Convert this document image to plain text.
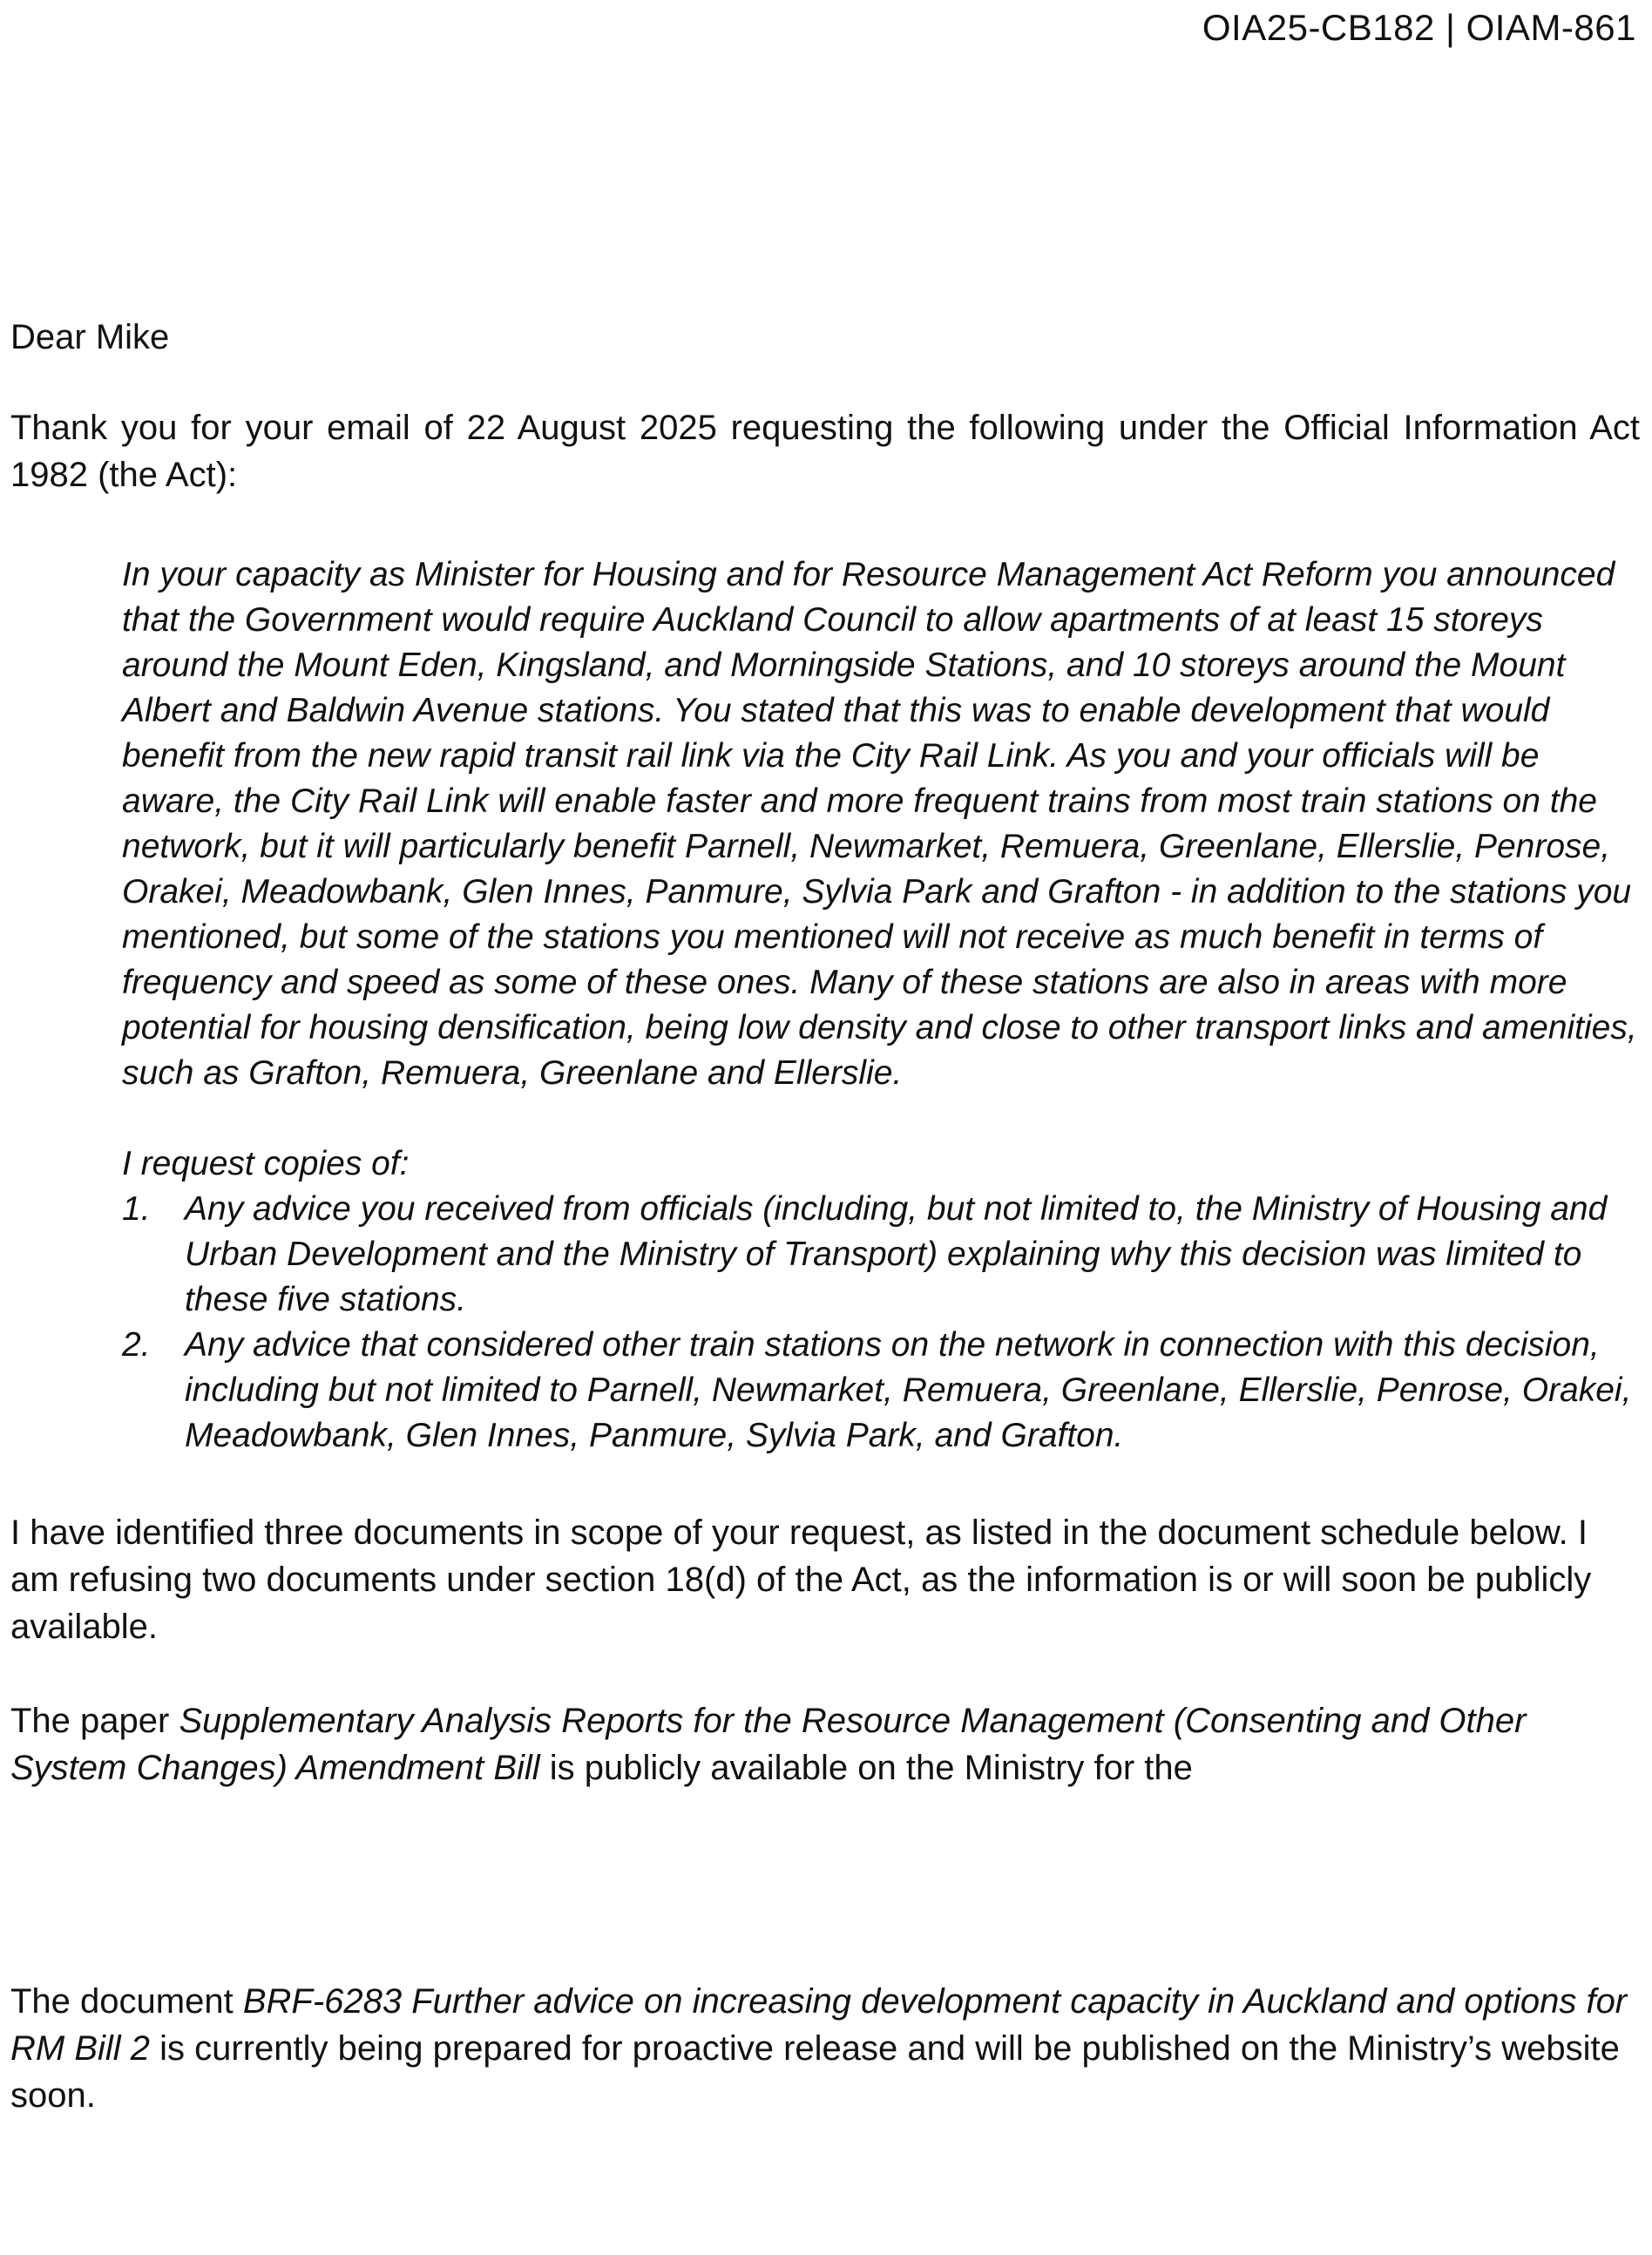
OIA25-CB182 | OIAM-861

Dear Mike

Thank you for your email of 22 August 2025 requesting the following under the Official Information Act 1982 (the Act):

In your capacity as Minister for Housing and for Resource Management Act Reform you announced that the Government would require Auckland Council to allow apartments of at least 15 storeys around the Mount Eden, Kingsland, and Morningside Stations, and 10 storeys around the Mount Albert and Baldwin Avenue stations. You stated that this was to enable development that would benefit from the new rapid transit rail link via the City Rail Link. As you and your officials will be aware, the City Rail Link will enable faster and more frequent trains from most train stations on the network, but it will particularly benefit Parnell, Newmarket, Remuera, Greenlane, Ellerslie, Penrose, Orakei, Meadowbank, Glen Innes, Panmure, Sylvia Park and Grafton - in addition to the stations you mentioned, but some of the stations you mentioned will not receive as much benefit in terms of frequency and speed as some of these ones. Many of these stations are also in areas with more potential for housing densification, being low density and close to other transport links and amenities, such as Grafton, Remuera, Greenlane and Ellerslie.

I request copies of:

1. Any advice you received from officials (including, but not limited to, the Ministry of Housing and Urban Development and the Ministry of Transport) explaining why this decision was limited to these five stations.
2. Any advice that considered other train stations on the network in connection with this decision, including but not limited to Parnell, Newmarket, Remuera, Greenlane, Ellerslie, Penrose, Orakei, Meadowbank, Glen Innes, Panmure, Sylvia Park, and Grafton.

I have identified three documents in scope of your request, as listed in the document schedule below. I am refusing two documents under section 18(d) of the Act, as the information is or will soon be publicly available.

The paper Supplementary Analysis Reports for the Resource Management (Consenting and Other System Changes) Amendment Bill is publicly available on the Ministry for the

The document BRF-6283 Further advice on increasing development capacity in Auckland and options for RM Bill 2 is currently being prepared for proactive release and will be published on the Ministry’s website soon.
